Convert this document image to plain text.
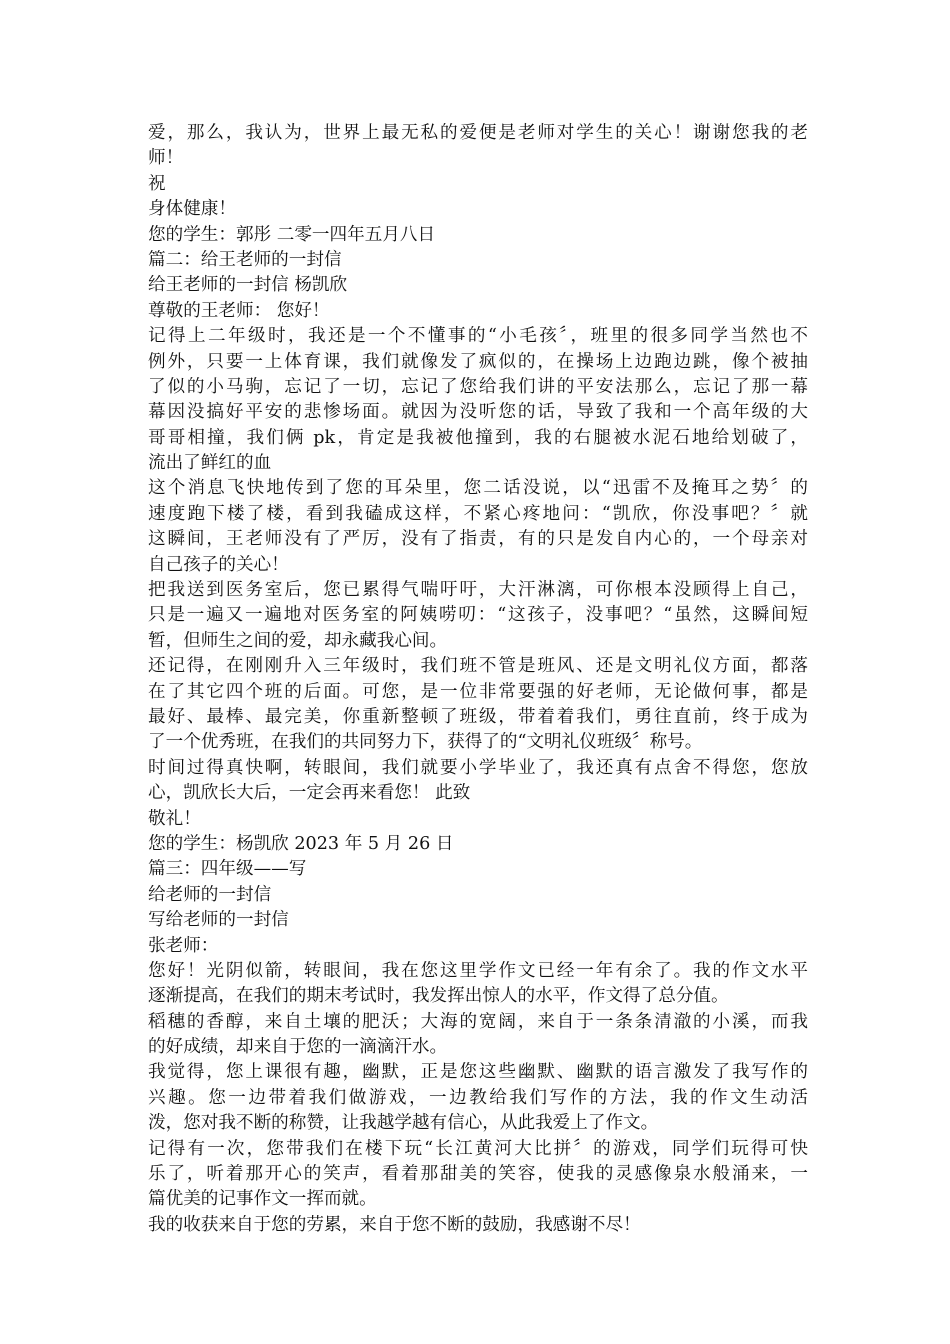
爱，那么，我认为，世界上最无私的爱便是老师对学生的关心！谢谢您我的老
师！
祝
身体健康！
您的学生：郭彤 二零一四年五月八日
篇二：给王老师的一封信
给王老师的一封信 杨凯欣
尊敬的王老师： 您好！
记得上二年级时，我还是一个不懂事的“小毛孩〞，班里的很多同学当然也不
例外，只要一上体育课，我们就像发了疯似的，在操场上边跑边跳，像个被抽
了似的小马驹，忘记了一切，忘记了您给我们讲的平安法那么，忘记了那一幕
幕因没搞好平安的悲惨场面。就因为没听您的话，导致了我和一个高年级的大
哥哥相撞，我们俩 pk，肯定是我被他撞到，我的右腿被水泥石地给划破了，
流出了鲜红的血
这个消息飞快地传到了您的耳朵里，您二话没说，以“迅雷不及掩耳之势〞的
速度跑下楼了楼，看到我磕成这样，不紧心疼地问：“凯欣，你没事吧？〞就
这瞬间，王老师没有了严厉，没有了指责，有的只是发自内心的，一个母亲对
自己孩子的关心！
把我送到医务室后，您已累得气喘吁吁，大汗淋漓，可你根本没顾得上自己，
只是一遍又一遍地对医务室的阿姨唠叨：“这孩子，没事吧？“虽然，这瞬间短
暂，但师生之间的爱，却永藏我心间。
还记得，在刚刚升入三年级时，我们班不管是班风、还是文明礼仪方面，都落
在了其它四个班的后面。可您，是一位非常要强的好老师，无论做何事，都是
最好、最棒、最完美，你重新整顿了班级，带着着我们，勇往直前，终于成为
了一个优秀班，在我们的共同努力下，获得了的“文明礼仪班级〞称号。
时间过得真快啊，转眼间，我们就要小学毕业了，我还真有点舍不得您，您放
心，凯欣长大后，一定会再来看您！ 此致
敬礼！
您的学生：杨凯欣 2023 年 5 月 26 日
篇三：四年级——写
给老师的一封信
写给老师的一封信
张老师：
您好！光阴似箭，转眼间，我在您这里学作文已经一年有余了。我的作文水平
逐渐提高，在我们的期末考试时，我发挥出惊人的水平，作文得了总分值。
稻穗的香醇，来自土壤的肥沃；大海的宽阔，来自于一条条清澈的小溪，而我
的好成绩，却来自于您的一滴滴汗水。
我觉得，您上课很有趣，幽默，正是您这些幽默、幽默的语言激发了我写作的
兴趣。您一边带着我们做游戏，一边教给我们写作的方法，我的作文生动活
泼，您对我不断的称赞，让我越学越有信心，从此我爱上了作文。
记得有一次，您带我们在楼下玩“长江黄河大比拼〞的游戏，同学们玩得可快
乐了，听着那开心的笑声，看着那甜美的笑容，使我的灵感像泉水般涌来，一
篇优美的记事作文一挥而就。
我的收获来自于您的劳累，来自于您不断的鼓励，我感谢不尽！
